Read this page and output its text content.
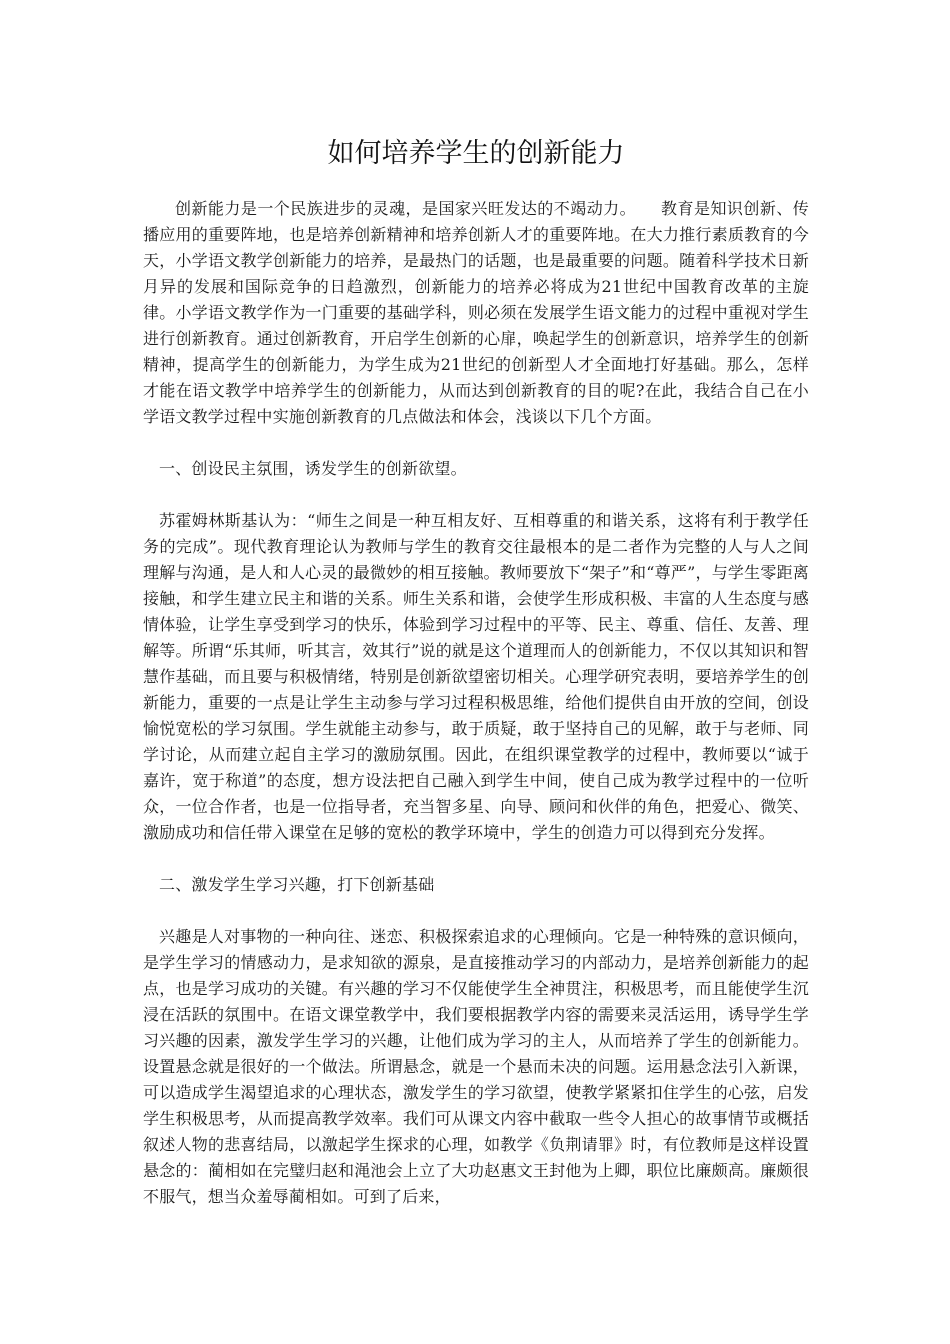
如何培养学生的创新能力

创新能力是一个民族进步的灵魂，是国家兴旺发达的不竭动力。　　教育是知识创新、传播应用的重要阵地，也是培养创新精神和培养创新人才的重要阵地。在大力推行素质教育的今天，小学语文教学创新能力的培养，是最热门的话题，也是最重要的问题。随着科学技术日新月异的发展和国际竞争的日趋激烈，创新能力的培养必将成为21世纪中国教育改革的主旋律。小学语文教学作为一门重要的基础学科，则必须在发展学生语文能力的过程中重视对学生进行创新教育。通过创新教育，开启学生创新的心扉，唤起学生的创新意识，培养学生的创新精神，提高学生的创新能力，为学生成为21世纪的创新型人才全面地打好基础。那么，怎样才能在语文教学中培养学生的创新能力，从而达到创新教育的目的呢?在此，我结合自己在小学语文教学过程中实施创新教育的几点做法和体会，浅谈以下几个方面。

一、创设民主氛围，诱发学生的创新欲望。

苏霍姆林斯基认为：“师生之间是一种互相友好、互相尊重的和谐关系，这将有利于教学任务的完成”。现代教育理论认为教师与学生的教育交往最根本的是二者作为完整的人与人之间理解与沟通，是人和人心灵的最微妙的相互接触。教师要放下“架子”和“尊严”，与学生零距离接触，和学生建立民主和谐的关系。师生关系和谐，会使学生形成积极、丰富的人生态度与感情体验，让学生享受到学习的快乐，体验到学习过程中的平等、民主、尊重、信任、友善、理解等。所谓“乐其师，听其言，效其行”说的就是这个道理而人的创新能力，不仅以其知识和智慧作基础，而且要与积极情绪，特别是创新欲望密切相关。心理学研究表明，要培养学生的创新能力，重要的一点是让学生主动参与学习过程积极思维，给他们提供自由开放的空间，创设愉悦宽松的学习氛围。学生就能主动参与，敢于质疑，敢于坚持自己的见解，敢于与老师、同学讨论，从而建立起自主学习的激励氛围。因此，在组织课堂教学的过程中，教师要以“诚于嘉许，宽于称道”的态度，想方设法把自己融入到学生中间，使自己成为教学过程中的一位听众，一位合作者，也是一位指导者，充当智多星、向导、顾问和伙伴的角色，把爱心、微笑、激励成功和信任带入课堂在足够的宽松的教学环境中，学生的创造力可以得到充分发挥。

二、激发学生学习兴趣，打下创新基础

兴趣是人对事物的一种向往、迷恋、积极探索追求的心理倾向。它是一种特殊的意识倾向，是学生学习的情感动力，是求知欲的源泉，是直接推动学习的内部动力，是培养创新能力的起点，也是学习成功的关键。有兴趣的学习不仅能使学生全神贯注，积极思考，而且能使学生沉浸在活跃的氛围中。在语文课堂教学中，我们要根据教学内容的需要来灵活运用，诱导学生学习兴趣的因素，激发学生学习的兴趣，让他们成为学习的主人，从而培养了学生的创新能力。设置悬念就是很好的一个做法。所谓悬念，就是一个悬而未决的问题。运用悬念法引入新课，可以造成学生渴望追求的心理状态，激发学生的学习欲望，使教学紧紧扣住学生的心弦，启发学生积极思考，从而提高教学效率。我们可从课文内容中截取一些令人担心的故事情节或概括叙述人物的悲喜结局，以激起学生探求的心理，如教学《负荆请罪》时，有位教师是这样设置悬念的：蔺相如在完璧归赵和渑池会上立了大功赵惠文王封他为上卿，职位比廉颇高。廉颇很不服气，想当众羞辱蔺相如。可到了后来，
